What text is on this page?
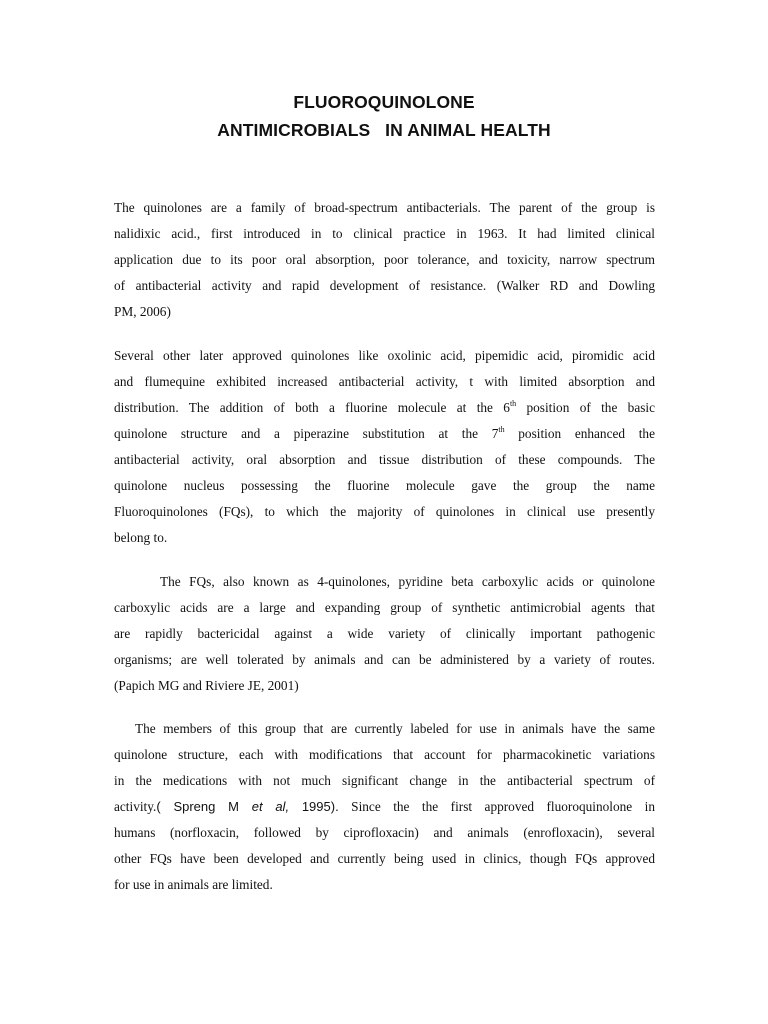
FLUOROQUINOLONE
ANTIMICROBIALS   IN ANIMAL HEALTH
The quinolones are a family of broad-spectrum antibacterials. The parent of the group is
nalidixic acid., first introduced in to clinical practice in 1963. It had limited clinical
application due to its poor oral absorption, poor tolerance, and toxicity, narrow spectrum
of antibacterial activity and rapid development of resistance. (Walker RD and Dowling
PM, 2006)
Several other later approved quinolones like oxolinic acid, pipemidic acid, piromidic acid
and flumequine exhibited increased antibacterial activity, t with limited absorption and
distribution. The addition of both a fluorine molecule at the 6th position of the basic
quinolone structure and a piperazine substitution at the 7th position enhanced the
antibacterial activity, oral absorption and tissue distribution of these compounds. The
quinolone nucleus possessing the fluorine molecule gave the group the name
Fluoroquinolones (FQs), to which the majority of quinolones in clinical use presently
belong to.
The FQs, also known as 4-quinolones, pyridine beta carboxylic acids or quinolone
carboxylic acids are a large and expanding group of synthetic antimicrobial agents that
are rapidly bactericidal against a wide variety of clinically important pathogenic
organisms; are well tolerated by animals and can be administered by a variety of routes.
(Papich MG and Riviere JE, 2001)
The members of this group that are currently labeled for use in animals have the same
quinolone structure, each with modifications that account for pharmacokinetic variations
in the medications with not much significant change in the antibacterial spectrum of
activity.( Spreng M et al, 1995). Since the the first approved fluoroquinolone in
humans (norfloxacin, followed by ciprofloxacin) and animals (enrofloxacin), several
other FQs have been developed and currently being used in clinics, though FQs approved
for use in animals are limited.
